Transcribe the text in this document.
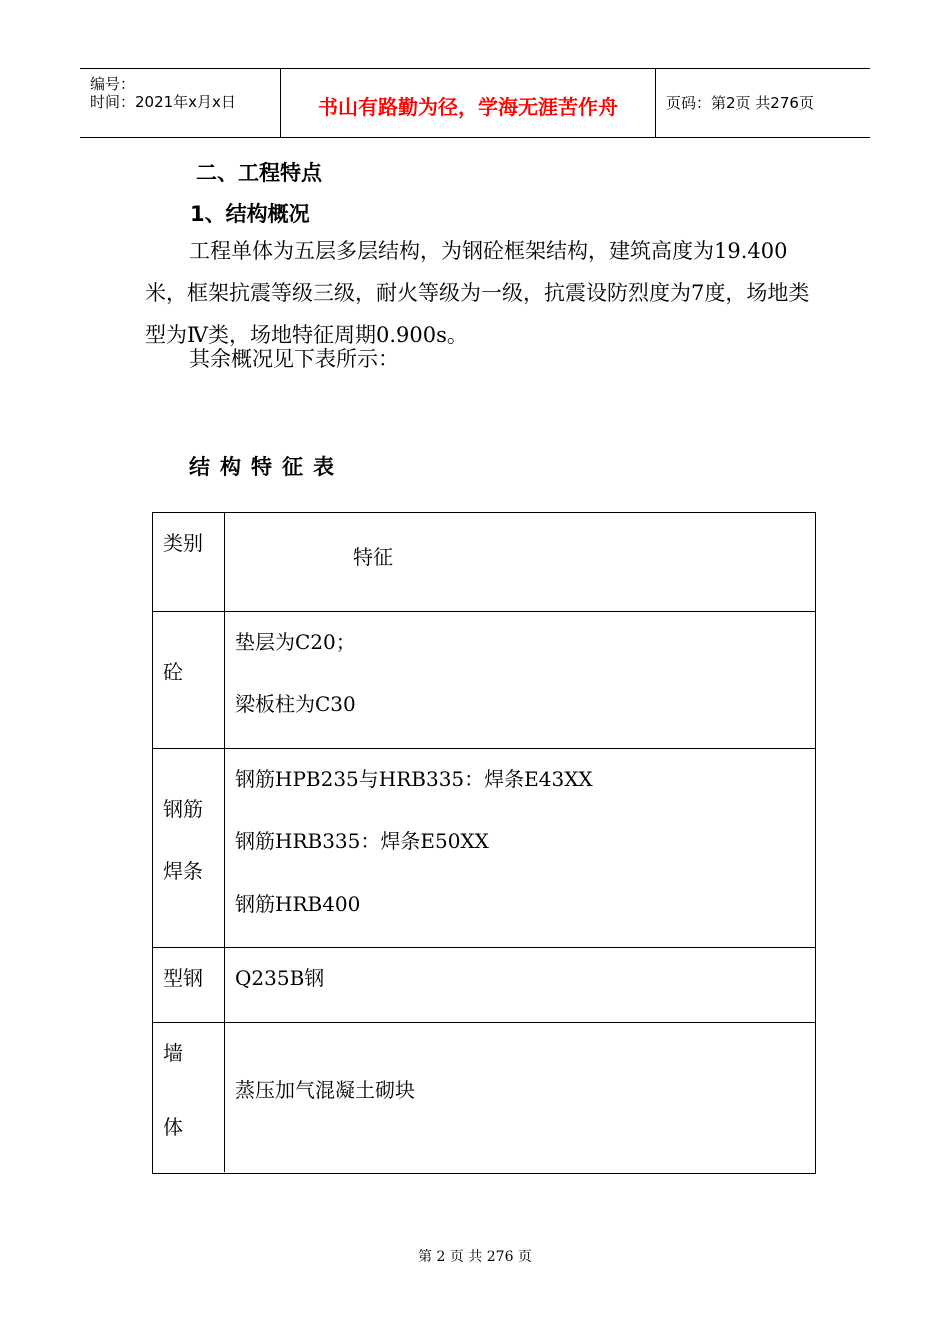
编号：
时间：2021年x月x日	书山有路勤为径，学海无涯苦作舟	页码：第2页 共276页
二、工程特点
1、结构概况
工程单体为五层多层结构，为钢砼框架结构，建筑高度为19.400米，框架抗震等级三级，耐火等级为一级，抗震设防烈度为7度，场地类型为Ⅳ类，场地特征周期0.900s。
其余概况见下表所示：
结构特征表
类别
特征
砼
垫层为C20；
梁板柱为C30
钢筋
焊条
钢筋HPB235与HRB335：焊条E43XX
钢筋HRB335：焊条E50XX
钢筋HRB400
型钢 Q235B钢
墙
体
蒸压加气混凝土砌块
第 2 页 共 276 页
